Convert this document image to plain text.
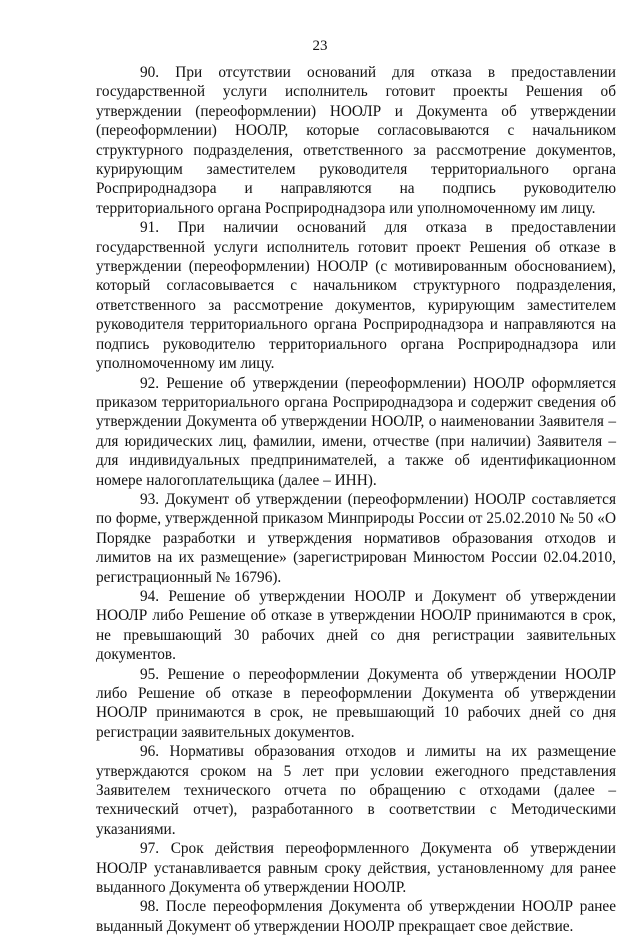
23

90. При отсутствии оснований для отказа в предоставлении государственной услуги исполнитель готовит проекты Решения об утверждении (переоформлении) НООЛР и Документа об утверждении (переоформлении) НООЛР, которые согласовываются с начальником структурного подразделения, ответственного за рассмотрение документов, курирующим заместителем руководителя территориального органа Росприроднадзора и направляются на подпись руководителю территориального органа Росприроднадзора или уполномоченному им лицу.

91. При наличии оснований для отказа в предоставлении государственной услуги исполнитель готовит проект Решения об отказе в утверждении (переоформлении) НООЛР (с мотивированным обоснованием), который согласовывается с начальником структурного подразделения, ответственного за рассмотрение документов, курирующим заместителем руководителя территориального органа Росприроднадзора и направляются на подпись руководителю территориального органа Росприроднадзора или уполномоченному им лицу.

92. Решение об утверждении (переоформлении) НООЛР оформляется приказом территориального органа Росприроднадзора и содержит сведения об утверждении Документа об утверждении НООЛР, о наименовании Заявителя – для юридических лиц, фамилии, имени, отчестве (при наличии) Заявителя – для индивидуальных предпринимателей, а также об идентификационном номере налогоплательщика (далее – ИНН).

93. Документ об утверждении (переоформлении) НООЛР составляется по форме, утвержденной приказом Минприроды России от 25.02.2010 № 50 «О Порядке разработки и утверждения нормативов образования отходов и лимитов на их размещение» (зарегистрирован Минюстом России 02.04.2010, регистрационный № 16796).

94. Решение об утверждении НООЛР и Документ об утверждении НООЛР либо Решение об отказе в утверждении НООЛР принимаются в срок, не превышающий 30 рабочих дней со дня регистрации заявительных документов.

95. Решение о переоформлении Документа об утверждении НООЛР либо Решение об отказе в переоформлении Документа об утверждении НООЛР принимаются в срок, не превышающий 10 рабочих дней со дня регистрации заявительных документов.

96. Нормативы образования отходов и лимиты на их размещение утверждаются сроком на 5 лет при условии ежегодного представления Заявителем технического отчета по обращению с отходами (далее – технический отчет), разработанного в соответствии с Методическими указаниями.

97. Срок действия переоформленного Документа об утверждении НООЛР устанавливается равным сроку действия, установленному для ранее выданного Документа об утверждении НООЛР.

98. После переоформления Документа об утверждении НООЛР ранее выданный Документ об утверждении НООЛР прекращает свое действие.
